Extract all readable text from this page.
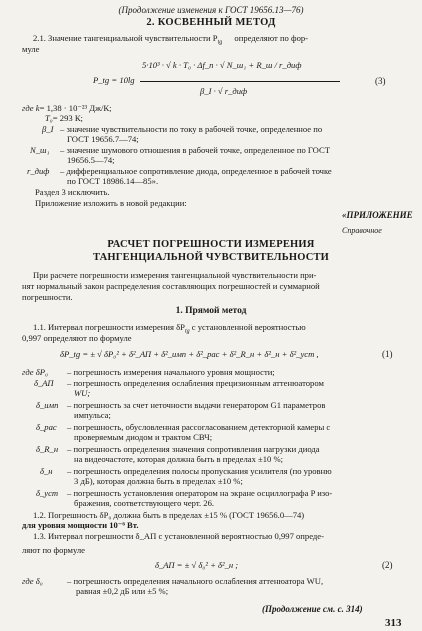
(Продолжение изменения к ГОСТ 19656.13—76)
2. КОСВЕННЫЙ МЕТОД
2.1. Значение тангенциальной чувствительности $P_{tg}$ определяют по фор-
муле
5·10³ · √ k · T₀ · Δf_п · √ N_ш₁ + R_ш / r_диф
P_tg = 10lg
β_I · √ r_диф
(3)
где k= 1,38 · 10⁻²³ Дж/К;
T₀= 293 К;
β_I – значение чувствительности по току в рабочей точке, определенное по
ГОСТ 19656.7—74;
N_ш₁ – значение шумового отношения в рабочей точке, определенное по ГОСТ
19656.5—74;
r_диф – дифференциальное сопротивление диода, определенное в рабочей точке
по ГОСТ 18986.14—85».
Раздел 3 исключить.
Приложение изложить в новой редакции:
«ПРИЛОЖЕНИЕ
Справочное
РАСЧЕТ ПОГРЕШНОСТИ ИЗМЕРЕНИЯ
ТАНГЕНЦИАЛЬНОЙ ЧУВСТВИТЕЛЬНОСТИ
При расчете погрешности измерения тангенциальной чувствительности при-
нят нормальный закон распределения составляющих погрешностей и суммарной
погрешности.
1. Прямой метод
1.1. Интервал погрешности измерения $\delta P_{tg}$ с установленной вероятностью
0,997 определяют по формуле
δP_tg = ± √ δP₀² + δ²_АП + δ²_имп + δ²_рас + δ²_R_н + δ²_н + δ²_уст ,	(1)
где δP₀ – погрешность измерения начального уровня мощности;
δ_АП – погрешность определения ослабления прецизионным аттенюатором
WU;
δ_имп – погрешность за счет неточности выдачи генератором G1 параметров
импульса;
δ_рас – погрешность, обусловленная рассогласованием детекторной камеры с
проверяемым диодом и трактом СВЧ;
δ_R_н – погрешность определения значения сопротивления нагрузки диода
на видеочастоте, которая должна быть в пределах ±10 %;
δ_н – погрешность определения полосы пропускания усилителя (по уровню
3 дБ), которая должна быть в пределах ±10 %;
δ_уст – погрешность установления оператором на экране осциллографа P изо-
бражения, соответствующего черт. 26.
1.2. Погрешность δP₀ должна быть в пределах ±15 % (ГОСТ 19656.0—74)
для уровня мощности 10⁻⁶ Вт.
1.3. Интервал погрешности δ_АП с установленной вероятностью 0,997 опреде-
ляют по формуле
δ_АП = ± √ δ₀² + δ²_н ;	(2)
где δ₀	– погрешность определения начального ослабления аттенюатора WU,
равная ±0,2 дБ или ±5 %;
(Продолжение см. с. 314)
313
